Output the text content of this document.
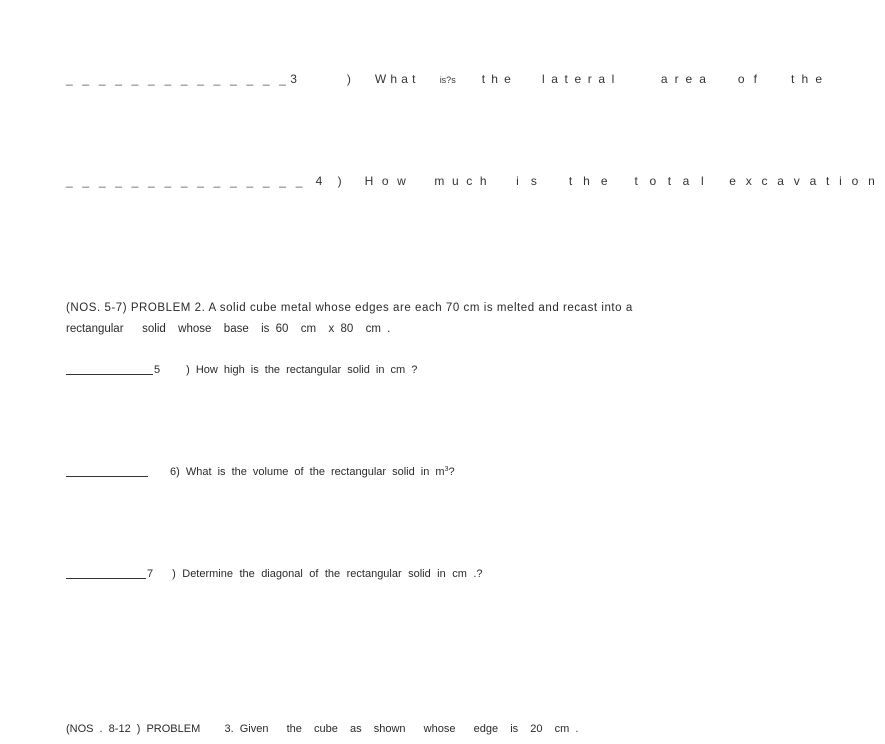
_ _ _ _ _ _ _ _ _ _ _ _ _ _ 3	) What is?s the lateral	area of the
_ _ _ _ _ _ _ _ _ _ _ _ _ _ _ 4 ) How much is the total excavation
(NOS. 5-7) PROBLEM 2. A solid cube metal whose edges are each 70 cm is melted and recast into a
rectangular   solid  whose  base  is 60  cm  x 80  cm .
5 ) How high is the rectangular solid in cm ?
6) What is the volume of the rectangular solid in $m^3$?
7 ) Determine the diagonal of the rectangular solid in cm .?
(NOS . 8-12 ) PROBLEM    3. Given   the  cube  as  shown   whose   edge  is  20  cm .
